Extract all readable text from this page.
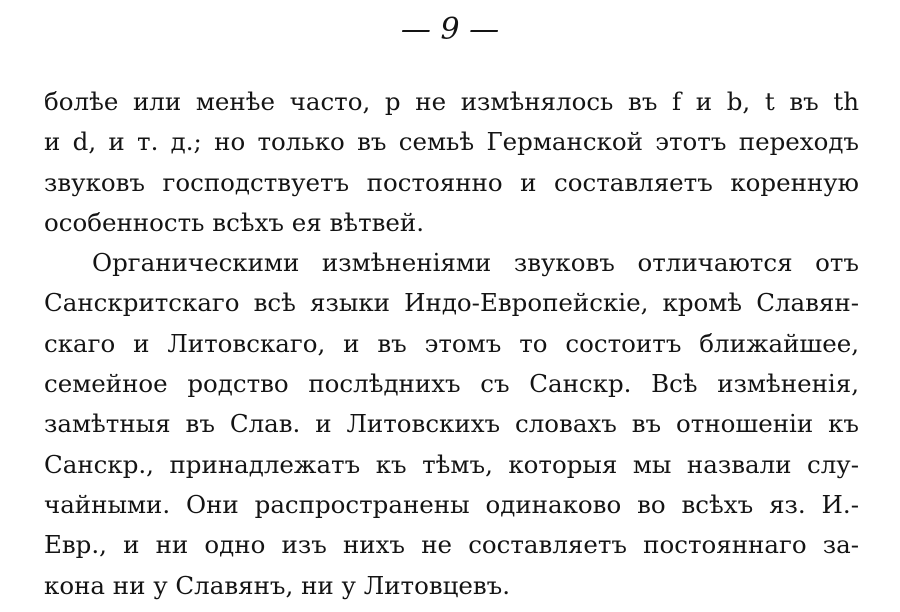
— 9 —
болѣе или менѣе часто, p не измѣнялось въ f и b, t въ th
и d, и т. д.; но только въ семьѣ Германской этотъ переходъ
звуковъ господствуетъ постоянно и составляетъ коренную
особенность всѣхъ ея вѣтвей.
Органическими измѣненіями звуковъ отличаются отъ
Санскритскаго всѣ языки Индо-Европейскіе, кромѣ Славян-
скаго и Литовскаго, и въ этомъ то состоитъ ближайшее,
семейное родство послѣднихъ съ Санскр. Всѣ измѣненія,
замѣтныя въ Слав. и Литовскихъ словахъ въ отношеніи къ
Санскр., принадлежатъ къ тѣмъ, которыя мы назвали слу-
чайными. Они распространены одинаково во всѣхъ яз. И.-
Евр., и ни одно изъ нихъ не составляетъ постояннаго за-
кона ни у Славянъ, ни у Литовцевъ.
